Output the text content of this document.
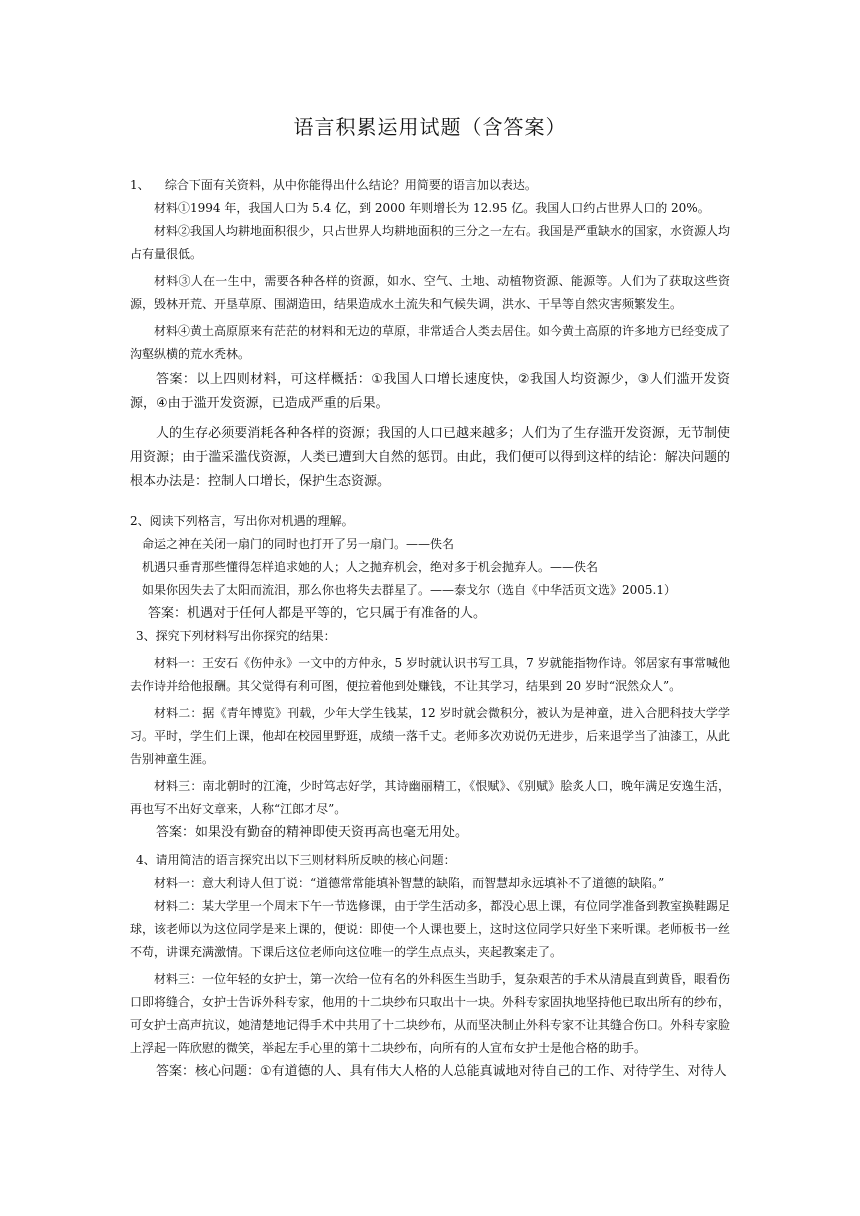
语言积累运用试题（含答案）

1、 综合下面有关资料，从中你能得出什么结论？用简要的语言加以表达。

材料①1994 年，我国人口为 5.4 亿，到 2000 年则增长为 12.95 亿。我国人口约占世界人口的 20%。

材料②我国人均耕地面积很少，只占世界人均耕地面积的三分之一左右。我国是严重缺水的国家，水资源人均占有量很低。

材料③人在一生中，需要各种各样的资源，如水、空气、土地、动植物资源、能源等。人们为了获取这些资源，毁林开荒、开垦草原、围湖造田，结果造成水土流失和气候失调，洪水、干旱等自然灾害频繁发生。

材料④黄土高原原来有茫茫的材料和无边的草原，非常适合人类去居住。如今黄土高原的许多地方已经变成了沟壑纵横的荒水秃林。

答案：以上四则材料，可这样概括：①我国人口增长速度快，②我国人均资源少，③人们滥开发资源，④由于滥开发资源，已造成严重的后果。

人的生存必须要消耗各种各样的资源；我国的人口已越来越多；人们为了生存滥开发资源，无节制使用资源；由于滥采滥伐资源，人类已遭到大自然的惩罚。由此，我们便可以得到这样的结论：解决问题的根本办法是：控制人口增长，保护生态资源。

2、阅读下列格言，写出你对机遇的理解。

命运之神在关闭一扇门的同时也打开了另一扇门。——佚名

机遇只垂青那些懂得怎样追求她的人；人之抛弃机会，绝对多于机会抛弃人。——佚名

如果你因失去了太阳而流泪，那么你也将失去群星了。——泰戈尔（选自《中华活页文选》2005.1）

答案：机遇对于任何人都是平等的，它只属于有准备的人。

3、探究下列材料写出你探究的结果：

材料一：王安石《伤仲永》一文中的方仲永，5 岁时就认识书写工具，7 岁就能指物作诗。邻居家有事常喊他去作诗并给他报酬。其父觉得有利可图，便拉着他到处赚钱，不让其学习，结果到 20 岁时“泯然众人”。

材料二：据《青年博览》刊载，少年大学生钱某，12 岁时就会微积分，被认为是神童，进入合肥科技大学学习。平时，学生们上课，他却在校园里野逛，成绩一落千丈。老师多次劝说仍无进步，后来退学当了油漆工，从此告别神童生涯。

材料三：南北朝时的江淹，少时笃志好学，其诗幽丽精工，《恨赋》、《别赋》脍炙人口，晚年满足安逸生活，再也写不出好文章来，人称“江郎才尽”。

答案：如果没有勤奋的精神即使天资再高也毫无用处。

4、请用简洁的语言探究出以下三则材料所反映的核心问题：

材料一：意大利诗人但丁说：“道德常常能填补智慧的缺陷，而智慧却永远填补不了道德的缺陷。”

材料二：某大学里一个周末下午一节选修课，由于学生活动多，都没心思上课，有位同学准备到教室换鞋踢足球，该老师以为这位同学是来上课的，便说：即使一个人课也要上，这时这位同学只好坐下来听课。老师板书一丝不苟，讲课充满激情。下课后这位老师向这位唯一的学生点点头，夹起教案走了。

材料三：一位年轻的女护士，第一次给一位有名的外科医生当助手，复杂艰苦的手术从清晨直到黄昏，眼看伤口即将缝合，女护士告诉外科专家，他用的十二块纱布只取出十一块。外科专家固执地坚持他已取出所有的纱布，可女护士高声抗议，她清楚地记得手术中共用了十二块纱布，从而坚决制止外科专家不让其缝合伤口。外科专家脸上浮起一阵欣慰的微笑，举起左手心里的第十二块纱布，向所有的人宣布女护士是他合格的助手。

答案：核心问题：①有道德的人、具有伟大人格的人总能真诚地对待自己的工作、对待学生、对待人
